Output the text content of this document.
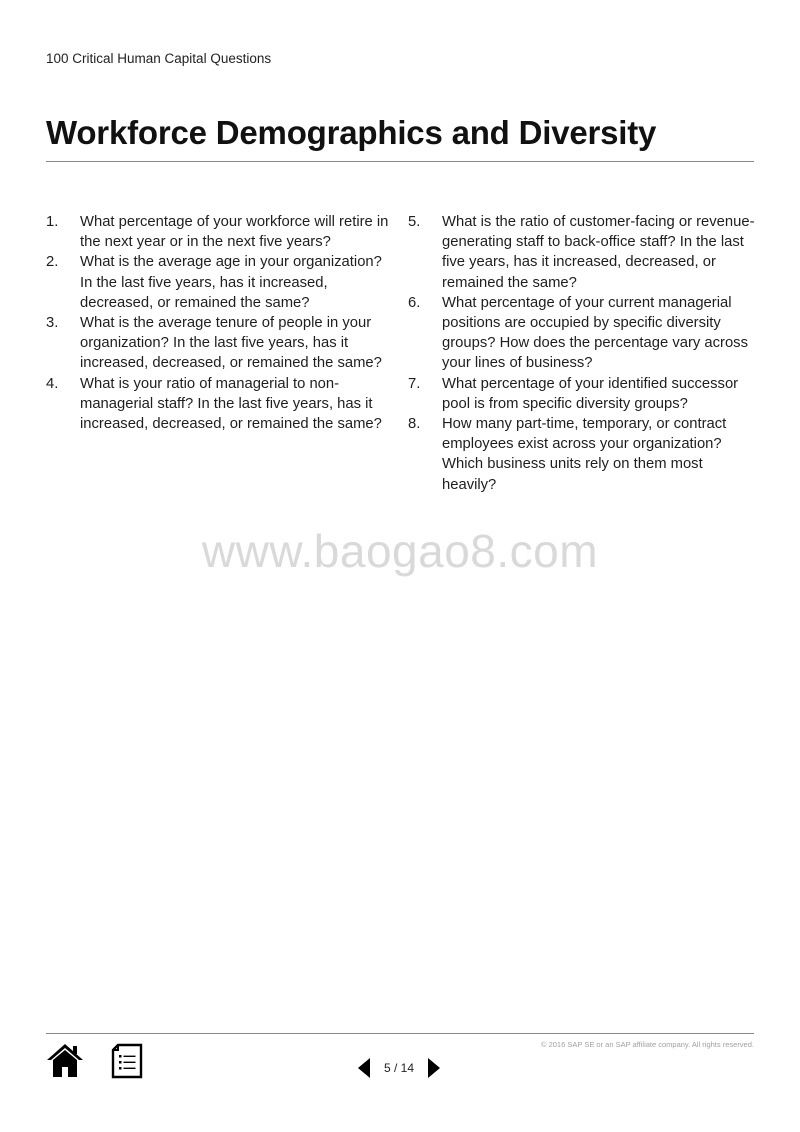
100 Critical Human Capital Questions
Workforce Demographics and Diversity
1.	What percentage of your workforce will retire in the next year or in the next five years?
2.	What is the average age in your organization? In the last five years, has it increased, decreased, or remained the same?
3.	What is the average tenure of people in your organization? In the last five years, has it increased, decreased, or remained the same?
4.	What is your ratio of managerial to non-managerial staff? In the last five years, has it increased, decreased, or remained the same?
5.	What is the ratio of customer-facing or revenue-generating staff to back-office staff? In the last five years, has it increased, decreased, or remained the same?
6.	What percentage of your current managerial positions are occupied by specific diversity groups? How does the percentage vary across your lines of business?
7.	What percentage of your identified successor pool is from specific diversity groups?
8.	How many part-time, temporary, or contract employees exist across your organization? Which business units rely on them most heavily?
www.baogao8.com
© 2016 SAP SE or an SAP affiliate company. All rights reserved.
5 / 14
